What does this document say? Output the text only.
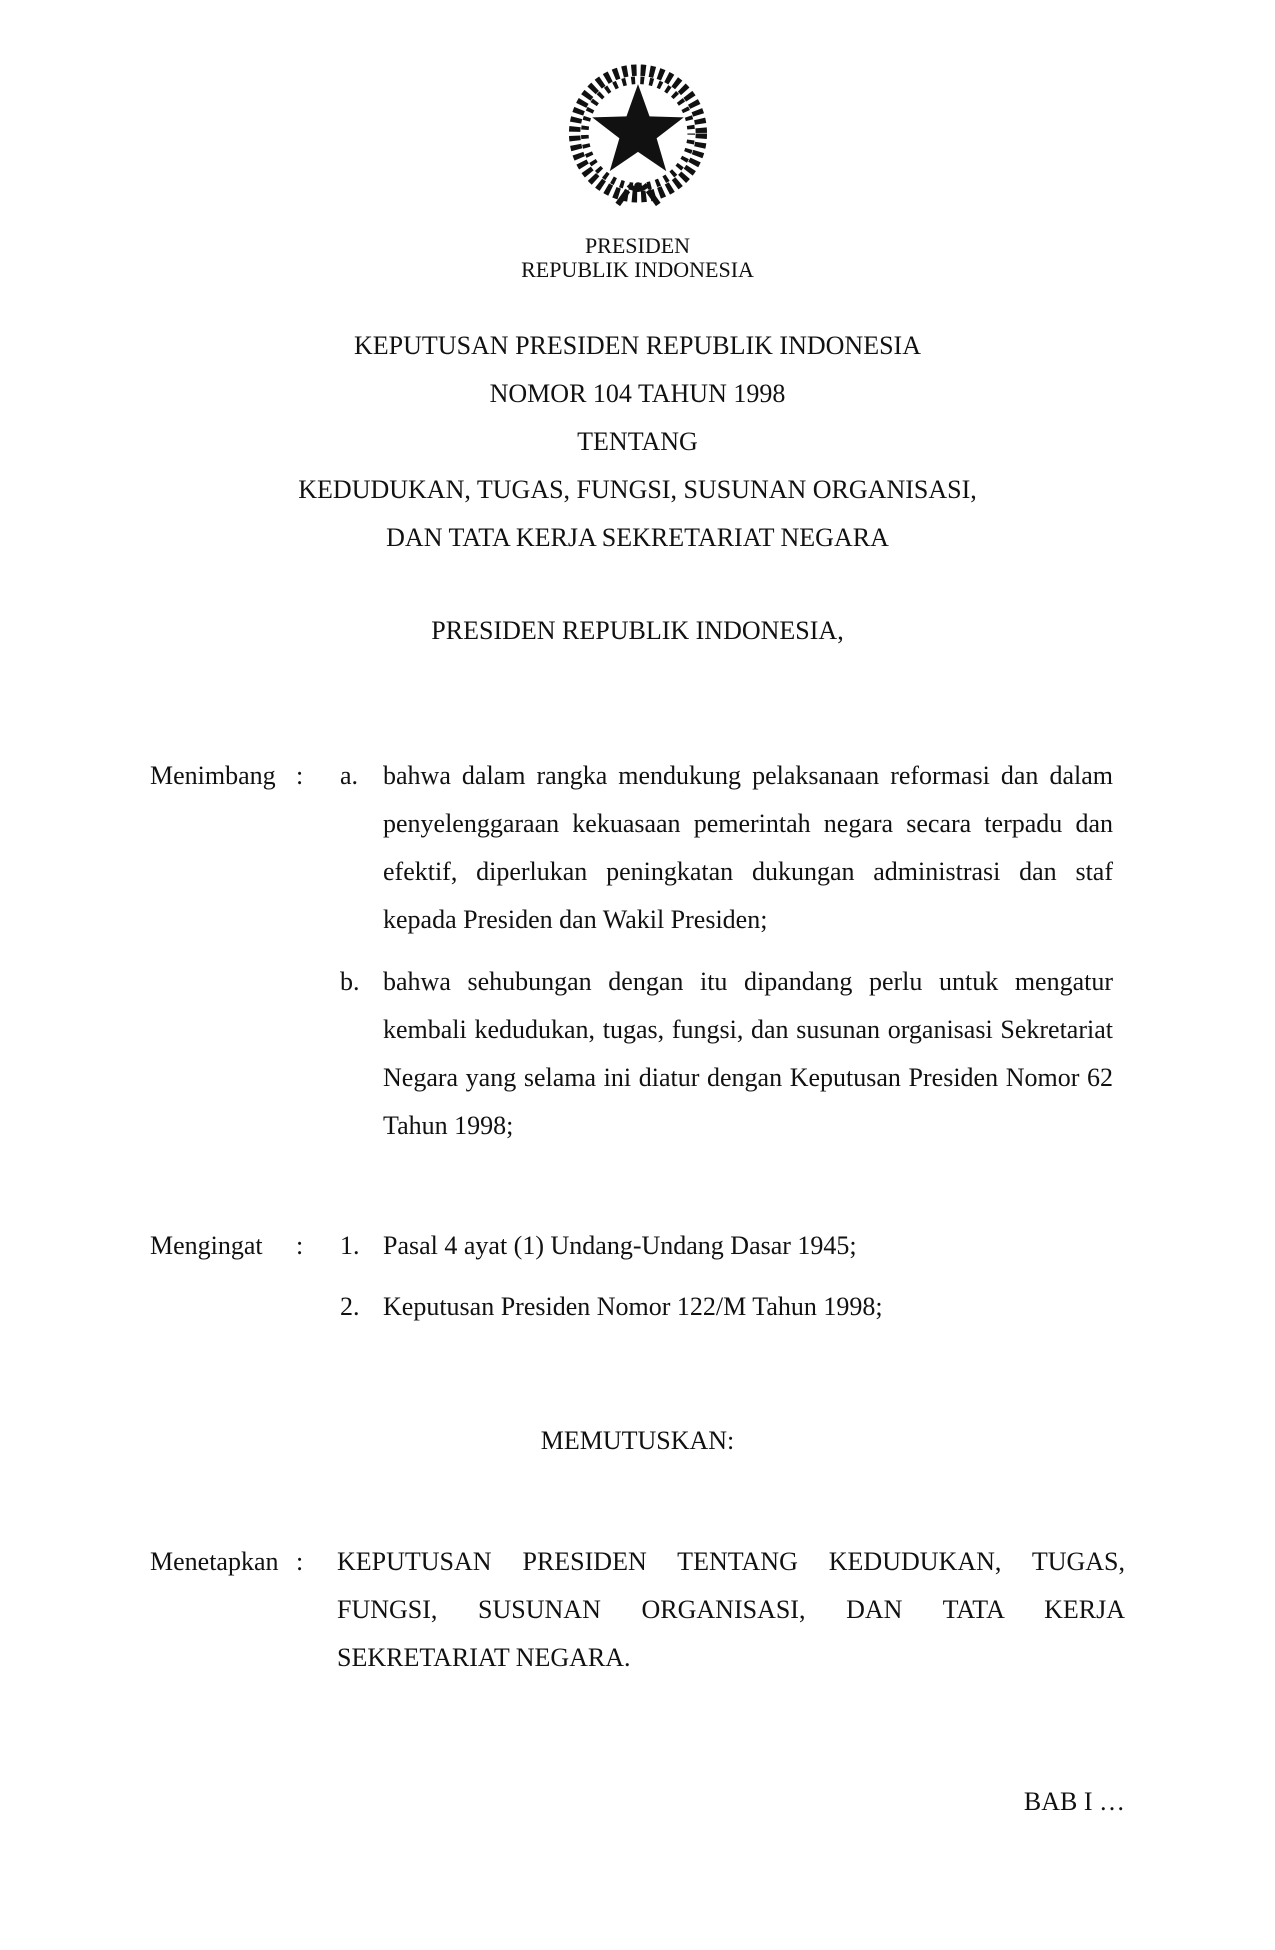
PRESIDEN
REPUBLIK INDONESIA
KEPUTUSAN PRESIDEN REPUBLIK INDONESIA
NOMOR 104 TAHUN 1998
TENTANG
KEDUDUKAN, TUGAS, FUNGSI, SUSUNAN ORGANISASI,
DAN TATA KERJA SEKRETARIAT NEGARA
PRESIDEN REPUBLIK INDONESIA,
Menimbang : a. bahwa dalam rangka mendukung pelaksanaan reformasi dan dalam
penyelenggaraan kekuasaan pemerintah negara secara terpadu dan
efektif, diperlukan peningkatan dukungan administrasi dan staf
kepada Presiden dan Wakil Presiden;
b. bahwa sehubungan dengan itu dipandang perlu untuk mengatur
kembali kedudukan, tugas, fungsi, dan susunan organisasi Sekretariat
Negara yang selama ini diatur dengan Keputusan Presiden Nomor 62
Tahun 1998;
Mengingat : 1. Pasal 4 ayat (1) Undang-Undang Dasar 1945;
2. Keputusan Presiden Nomor 122/M Tahun 1998;
MEMUTUSKAN:
Menetapkan : KEPUTUSAN PRESIDEN TENTANG KEDUDUKAN, TUGAS,
FUNGSI, SUSUNAN ORGANISASI, DAN TATA KERJA
SEKRETARIAT NEGARA.
BAB I …
